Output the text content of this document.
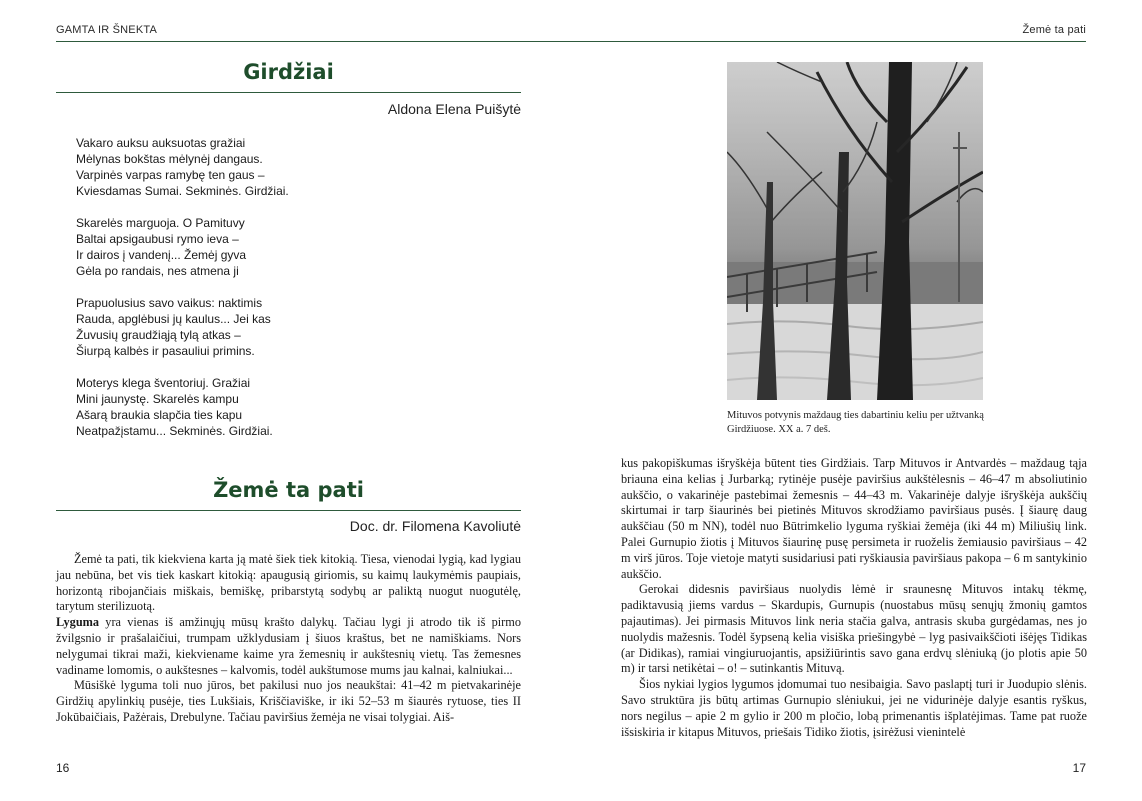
GAMTA IR ŠNEKTA	Žemė ta pati
Girdžiai
Aldona Elena Puišytė
Vakaro auksu auksuotas gražiai
Mėlynas bokštas mėlynėj dangaus.
Varpinės varpas ramybę ten gaus –
Kviesdamas Sumai. Sekminės. Girdžiai.
Skarelės marguoja. O Pamituvy
Baltai apsigaubusi rymo ieva –
Ir dairos į vandenį... Žemėj gyva
Gėla po randais, nes atmena ji
Prapuolusius savo vaikus: naktimis
Rauda, apglėbusi jų kaulus... Jei kas
Žuvusių graudžiąją tylą atkas –
Šiurpą kalbės ir pasauliui primins.
Moterys klega šventoriuj. Gražiai
Mini jaunystę. Skarelės kampu
Ašarą braukia slapčia ties kapu
Neatpažįstamu... Sekminės. Girdžiai.
Žemė ta pati
Doc. dr. Filomena Kavoliutė

Žemė ta pati, tik kiekviena karta ją matė šiek tiek kitokią. Tiesa, vienodai lygią, kad lygiau jau nebūna, bet vis tiek kaskart kitokią: apaugusią giriomis, su kaimų laukymėmis paupiais, horizontą ribojančiais miškais, bemiškę, pribarstytą sodybų ar paliktą nuogut nuogutėlę, tarytum sterilizuotą.

Lyguma yra vienas iš amžinųjų mūsų krašto dalykų. Tačiau lygi ji atrodo tik iš pirmo žvilgsnio ir prašalaičiui, trumpam užklydusiam į šiuos kraštus, bet ne namiškiams. Nors nelygumai tikrai maži, kiekviename kaime yra žemesnių ir aukštesnių vietų. Tas žemesnes vadiname lomomis, o aukštesnes – kalvomis, todėl aukštumose mums jau kalnai, kalniukai...

Mūsiškė lyguma toli nuo jūros, bet pakilusi nuo jos neaukštai: 41–42 m pietvakarinėje Girdžių apylinkių pusėje, ties Lukšiais, Kriščiaviške, ir iki 52–53 m šiaurės rytuose, ties II Jokūbaičiais, Pažėrais, Drebulyne. Tačiau paviršius žemėja ne visai tolygiai. Aiš-

Mituvos potvynis maždaug ties dabartiniu keliu per užtvanką Girdžiuose. XX a. 7 deš.

kus pakopiškumas išryškėja būtent ties Girdžiais. Tarp Mituvos ir Antvardės – maždaug tąja briauna eina kelias į Jurbarką; rytinėje pusėje paviršius aukštėlesnis – 46–47 m absoliutinio aukščio, o vakarinėje pastebimai žemesnis – 44–43 m. Vakarinėje dalyje išryškėja aukščių skirtumai ir tarp šiaurinės bei pietinės Mituvos skrodžiamo paviršiaus pusės. Į šiaurę daug aukščiau (50 m NN), todėl nuo Būtrimkelio lyguma ryškiai žemėja (iki 44 m) Miliušių link. Palei Gurnupio žiotis į Mituvos šiaurinę pusę persimeta ir ruoželis žemiausio paviršiaus – 42 m virš jūros. Toje vietoje matyti susidariusi pati ryškiausia paviršiaus pakopa – 6 m santykinio aukščio.

Gerokai didesnis paviršiaus nuolydis lėmė ir sraunesnę Mituvos intakų tėkmę, padiktavusią jiems vardus – Skardupis, Gurnupis (nuostabus mūsų senųjų žmonių gamtos pajautimas). Jei pirmasis Mituvos link neria stačia galva, antrasis skuba gurgėdamas, nes jo nuolydis mažesnis. Todėl šypseną kelia visiška priešingybė – lyg pasivaikščioti išėjęs Tidikas (ar Didikas), ramiai vingiuruojantis, apsižiūrintis savo gana erdvų slėniuką (jo plotis apie 50 m) ir tarsi netikėtai – o! – sutinkantis Mituvą.

Šios nykiai lygios lygumos įdomumai tuo nesibaigia. Savo paslaptį turi ir Juodupio slėnis. Savo struktūra jis būtų artimas Gurnupio slėniukui, jei ne vidurinėje dalyje esantis ryškus, nors negilus – apie 2 m gylio ir 200 m pločio, lobą primenantis išplatėjimas. Tame pat ruože išsiskiria ir kitapus Mituvos, priešais Tidiko žiotis, įsirėžusi vienintelė

16	17
